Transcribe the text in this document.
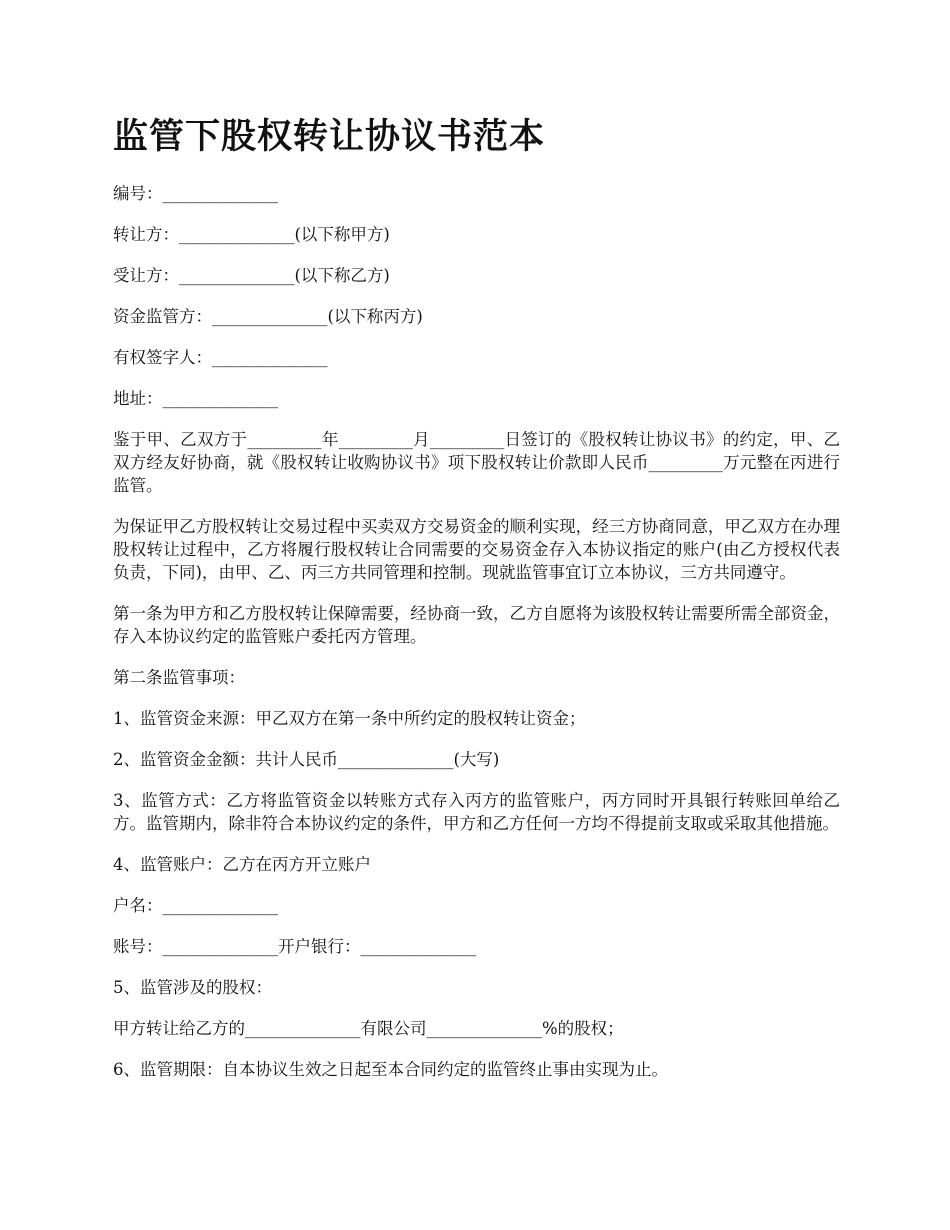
监管下股权转让协议书范本

编号：______________

转让方：______________(以下称甲方)

受让方：______________(以下称乙方)

资金监管方：______________(以下称丙方)

有权签字人：______________

地址：______________

鉴于甲、乙双方于_________年_________月_________日签订的《股权转让协议书》的约定，甲、乙双方经友好协商，就《股权转让收购协议书》项下股权转让价款即人民币_________万元整在丙进行监管。

为保证甲乙方股权转让交易过程中买卖双方交易资金的顺利实现，经三方协商同意，甲乙双方在办理股权转让过程中，乙方将履行股权转让合同需要的交易资金存入本协议指定的账户(由乙方授权代表负责，下同)，由甲、乙、丙三方共同管理和控制。现就监管事宜订立本协议，三方共同遵守。

第一条为甲方和乙方股权转让保障需要，经协商一致，乙方自愿将为该股权转让需要所需全部资金，存入本协议约定的监管账户委托丙方管理。

第二条监管事项：

1、监管资金来源：甲乙双方在第一条中所约定的股权转让资金；

2、监管资金金额：共计人民币______________(大写)

3、监管方式：乙方将监管资金以转账方式存入丙方的监管账户，丙方同时开具银行转账回单给乙方。监管期内，除非符合本协议约定的条件，甲方和乙方任何一方均不得提前支取或采取其他措施。

4、监管账户：乙方在丙方开立账户

户名：______________

账号：______________开户银行：______________

5、监管涉及的股权：

甲方转让给乙方的______________有限公司______________%的股权；

6、监管期限：自本协议生效之日起至本合同约定的监管终止事由实现为止。
